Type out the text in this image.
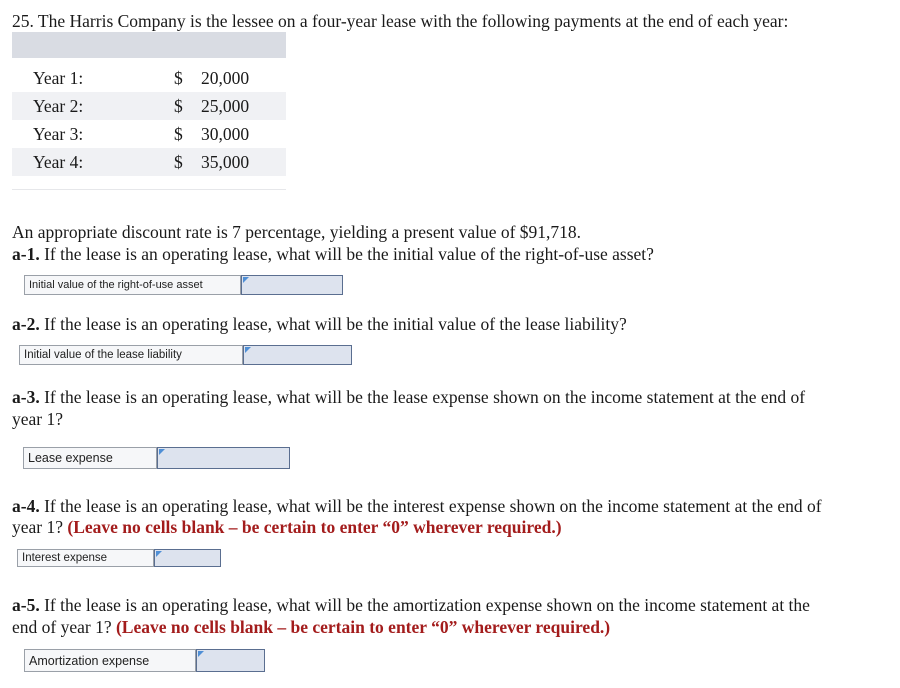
25. The Harris Company is the lessee on a four-year lease with the following payments at the end of each year:
Year 1:	$ 20,000
Year 2:	$ 25,000
Year 3:	$ 30,000
Year 4:	$ 35,000
An appropriate discount rate is 7 percentage, yielding a present value of $91,718.
a-1. If the lease is an operating lease, what will be the initial value of the right-of-use asset?
Initial value of the right-of-use asset
a-2. If the lease is an operating lease, what will be the initial value of the lease liability?
Initial value of the lease liability
a-3. If the lease is an operating lease, what will be the lease expense shown on the income statement at the end of
year 1?
Lease expense
a-4. If the lease is an operating lease, what will be the interest expense shown on the income statement at the end of
year 1? (Leave no cells blank – be certain to enter “0” wherever required.)
Interest expense
a-5. If the lease is an operating lease, what will be the amortization expense shown on the income statement at the
end of year 1? (Leave no cells blank – be certain to enter “0” wherever required.)
Amortization expense
